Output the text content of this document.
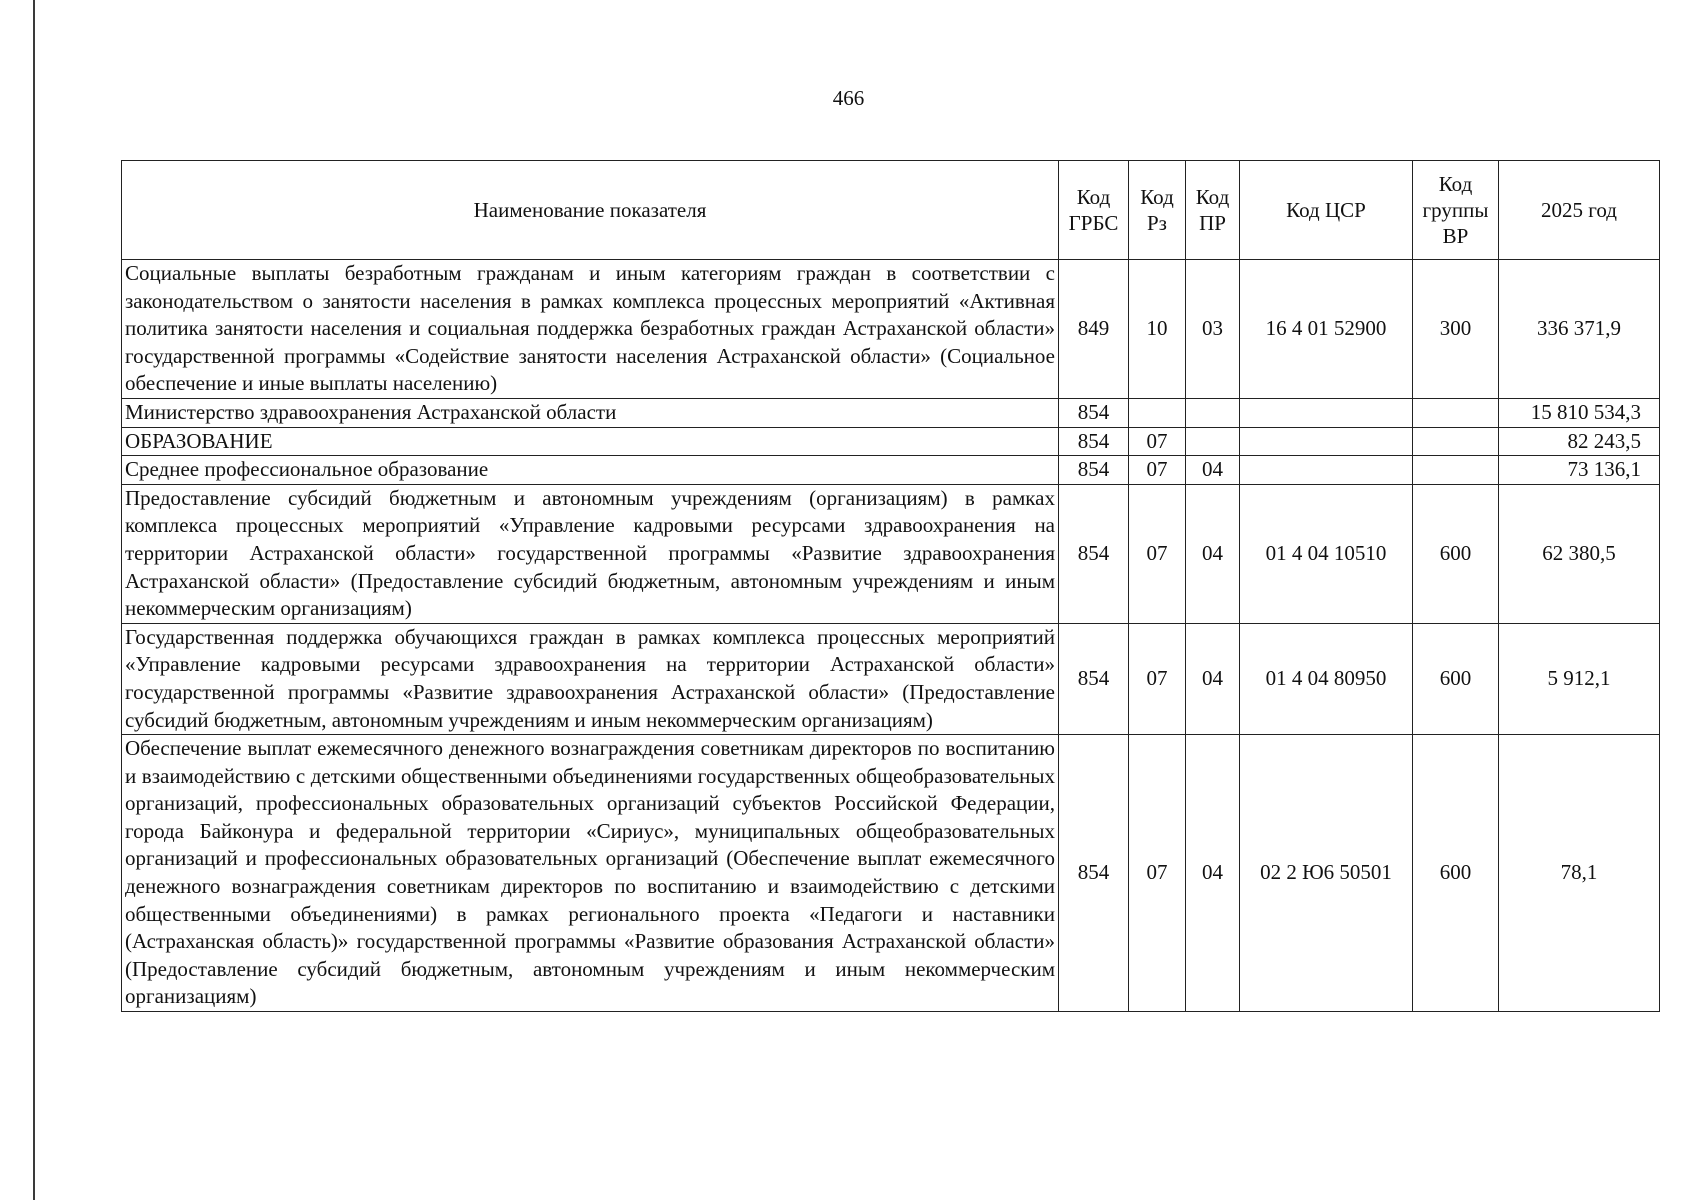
466
Наименование показателя	Код ГРБС	Код Рз	Код ПР	Код ЦСР	Код группы ВР	2025 год
Социальные выплаты безработным гражданам и иным категориям граждан в соответствии с законодательством о занятости населения в рамках комплекса процессных мероприятий «Активная политика занятости населения и социальная поддержка безработных граждан Астраханской области» государственной программы «Содействие занятости населения Астраханской области» (Социальное обеспечение и иные выплаты населению)	849	10	03	16 4 01 52900	300	336 371,9
Министерство здравоохранения Астраханской области	854					15 810 534,3
ОБРАЗОВАНИЕ	854	07				82 243,5
Среднее профессиональное образование	854	07	04			73 136,1
Предоставление субсидий бюджетным и автономным учреждениям (организациям) в рамках комплекса процессных мероприятий «Управление кадровыми ресурсами здравоохранения на территории Астраханской области» государственной программы «Развитие здравоохранения Астраханской области» (Предоставление субсидий бюджетным, автономным учреждениям и иным некоммерческим организациям)	854	07	04	01 4 04 10510	600	62 380,5
Государственная поддержка обучающихся граждан в рамках комплекса процессных мероприятий «Управление кадровыми ресурсами здравоохранения на территории Астраханской области» государственной программы «Развитие здравоохранения Астраханской области» (Предоставление субсидий бюджетным, автономным учреждениям и иным некоммерческим организациям)	854	07	04	01 4 04 80950	600	5 912,1
Обеспечение выплат ежемесячного денежного вознаграждения советникам директоров по воспитанию и взаимодействию с детскими общественными объединениями государственных общеобразовательных организаций, профессиональных образовательных организаций субъектов Российской Федерации, города Байконура и федеральной территории «Сириус», муниципальных общеобразовательных организаций и профессиональных образовательных организаций (Обеспечение выплат ежемесячного денежного вознаграждения советникам директоров по воспитанию и взаимодействию с детскими общественными объединениями) в рамках регионального проекта «Педагоги и наставники (Астраханская область)» государственной программы «Развитие образования Астраханской области» (Предоставление субсидий бюджетным, автономным учреждениям и иным некоммерческим организациям)	854	07	04	02 2 Ю6 50501	600	78,1
